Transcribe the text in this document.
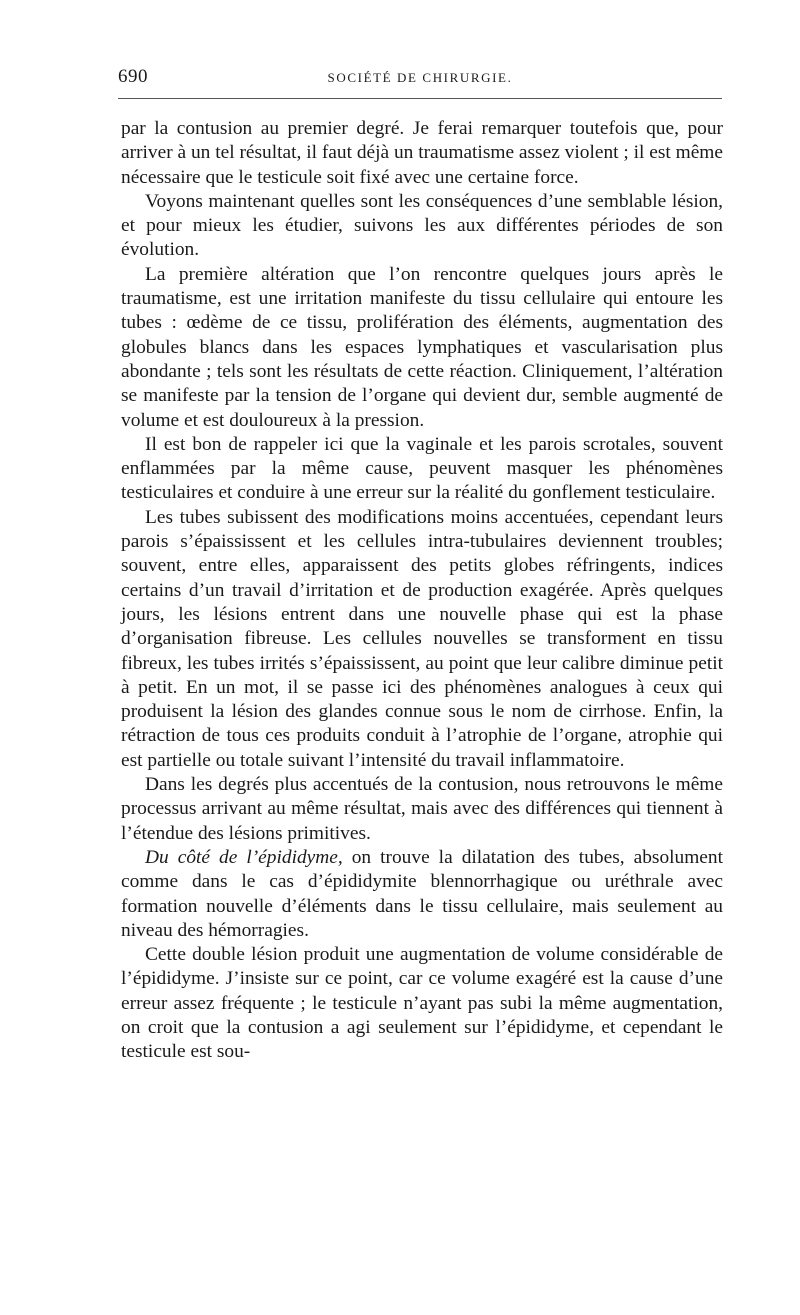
690	SOCIÉTÉ DE CHIRURGIE.

par la contusion au premier degré. Je ferai remarquer toutefois que, pour arriver à un tel résultat, il faut déjà un traumatisme assez violent ; il est même nécessaire que le testicule soit fixé avec une certaine force.

Voyons maintenant quelles sont les conséquences d’une semblable lésion, et pour mieux les étudier, suivons les aux différentes périodes de son évolution.

La première altération que l’on rencontre quelques jours après le traumatisme, est une irritation manifeste du tissu cellulaire qui entoure les tubes : œdème de ce tissu, prolifération des éléments, augmentation des globules blancs dans les espaces lymphatiques et vascularisation plus abondante ; tels sont les résultats de cette réaction. Cliniquement, l’altération se manifeste par la tension de l’organe qui devient dur, semble augmenté de volume et est douloureux à la pression.

Il est bon de rappeler ici que la vaginale et les parois scrotales, souvent enflammées par la même cause, peuvent masquer les phénomènes testiculaires et conduire à une erreur sur la réalité du gonflement testiculaire.

Les tubes subissent des modifications moins accentuées, cependant leurs parois s’épaississent et les cellules intra-tubulaires deviennent troubles; souvent, entre elles, apparaissent des petits globes réfringents, indices certains d’un travail d’irritation et de production exagérée. Après quelques jours, les lésions entrent dans une nouvelle phase qui est la phase d’organisation fibreuse. Les cellules nouvelles se transforment en tissu fibreux, les tubes irrités s’épaississent, au point que leur calibre diminue petit à petit. En un mot, il se passe ici des phénomènes analogues à ceux qui produisent la lésion des glandes connue sous le nom de cirrhose. Enfin, la rétraction de tous ces produits conduit à l’atrophie de l’organe, atrophie qui est partielle ou totale suivant l’intensité du travail inflammatoire.

Dans les degrés plus accentués de la contusion, nous retrouvons le même processus arrivant au même résultat, mais avec des différences qui tiennent à l’étendue des lésions primitives.

Du côté de l’épididyme, on trouve la dilatation des tubes, absolument comme dans le cas d’épididymite blennorrhagique ou uréthrale avec formation nouvelle d’éléments dans le tissu cellulaire, mais seulement au niveau des hémorragies.

Cette double lésion produit une augmentation de volume considérable de l’épididyme. J’insiste sur ce point, car ce volume exagéré est la cause d’une erreur assez fréquente ; le testicule n’ayant pas subi la même augmentation, on croit que la contusion a agi seulement sur l’épididyme, et cependant le testicule est sou-
